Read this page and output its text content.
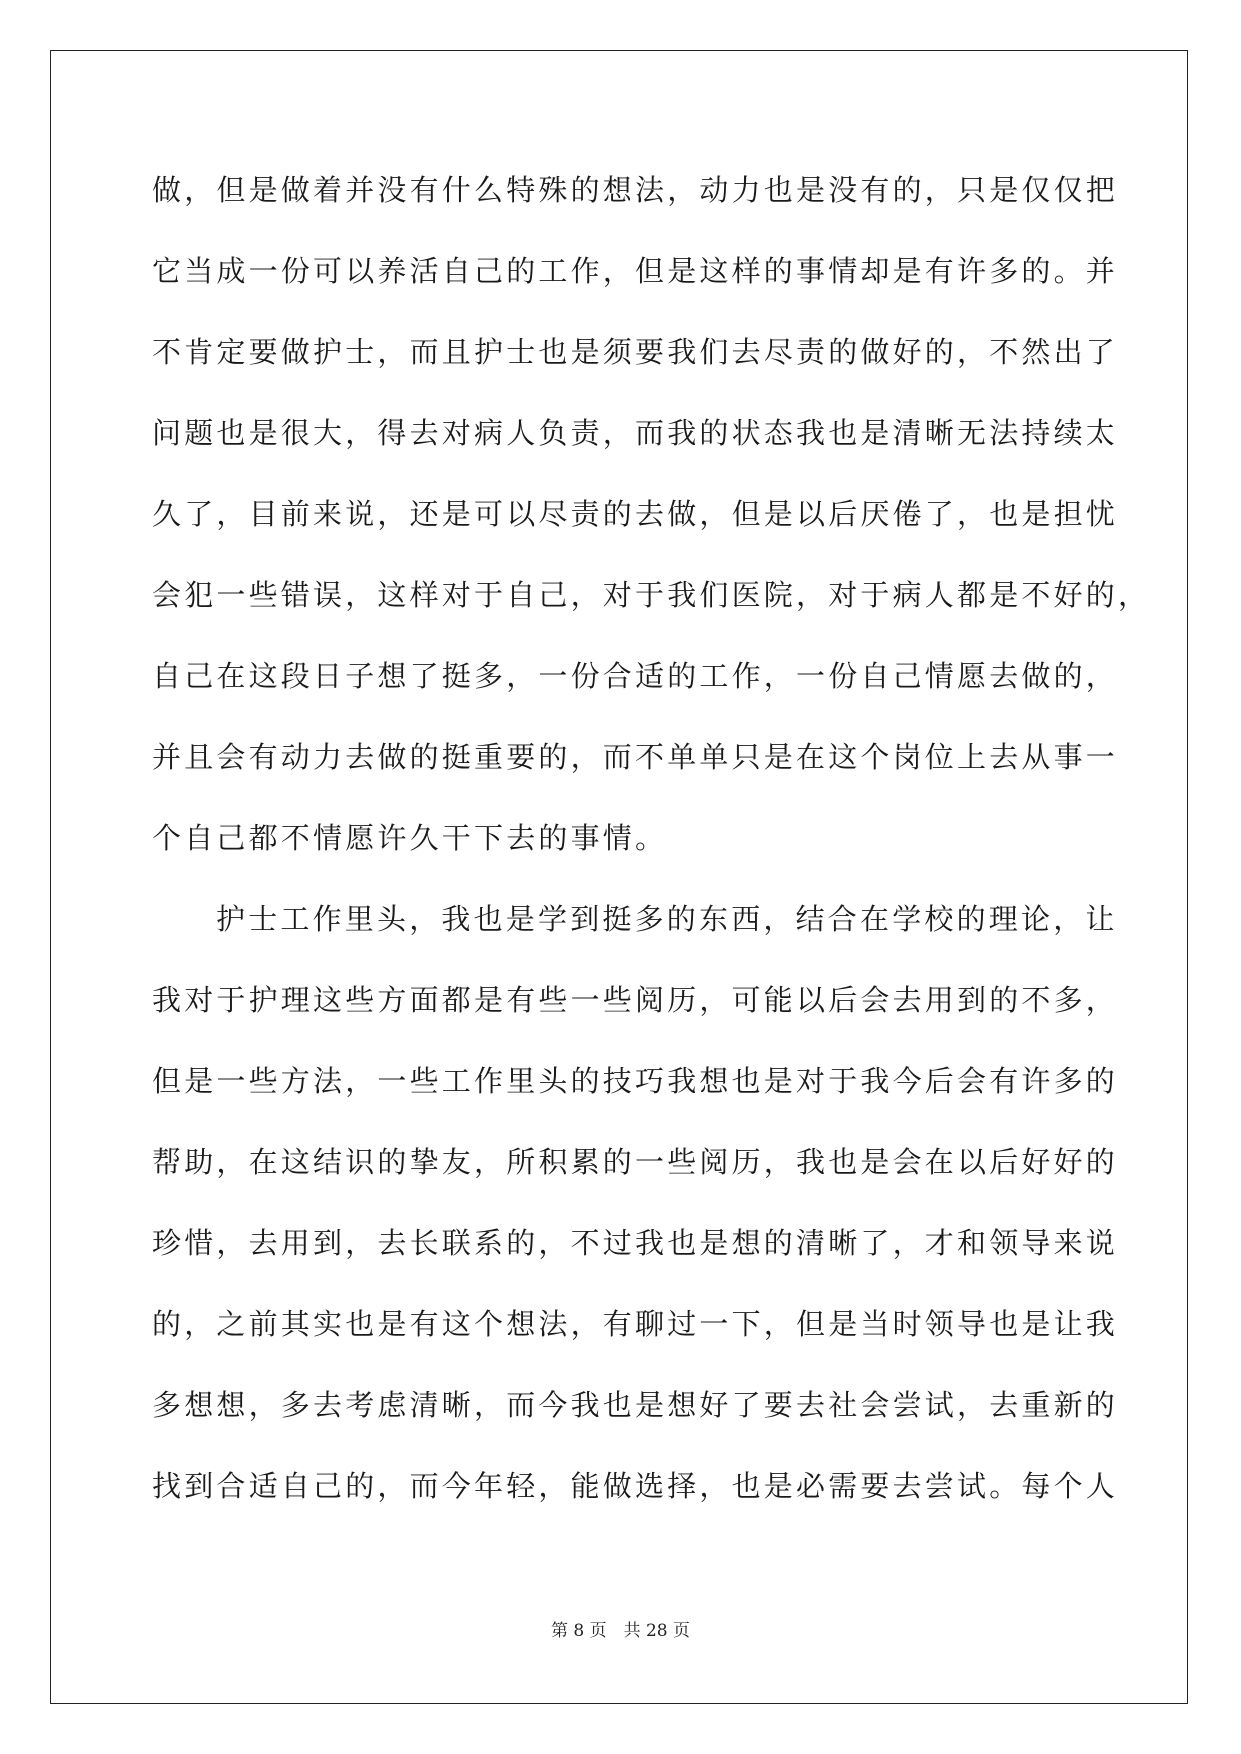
做，但是做着并没有什么特殊的想法，动力也是没有的，只是仅仅把
它当成一份可以养活自己的工作，但是这样的事情却是有许多的。并
不肯定要做护士，而且护士也是须要我们去尽责的做好的，不然出了
问题也是很大，得去对病人负责，而我的状态我也是清晰无法持续太
久了，目前来说，还是可以尽责的去做，但是以后厌倦了，也是担忧
会犯一些错误，这样对于自己，对于我们医院，对于病人都是不好的，
自己在这段日子想了挺多，一份合适的工作，一份自己情愿去做的，
并且会有动力去做的挺重要的，而不单单只是在这个岗位上去从事一
个自己都不情愿许久干下去的事情。
护士工作里头，我也是学到挺多的东西，结合在学校的理论，让
我对于护理这些方面都是有些一些阅历，可能以后会去用到的不多，
但是一些方法，一些工作里头的技巧我想也是对于我今后会有许多的
帮助，在这结识的挚友，所积累的一些阅历，我也是会在以后好好的
珍惜，去用到，去长联系的，不过我也是想的清晰了，才和领导来说
的，之前其实也是有这个想法，有聊过一下，但是当时领导也是让我
多想想，多去考虑清晰，而今我也是想好了要去社会尝试，去重新的
找到合适自己的，而今年轻，能做选择，也是必需要去尝试。每个人
第 8 页　共 28 页
